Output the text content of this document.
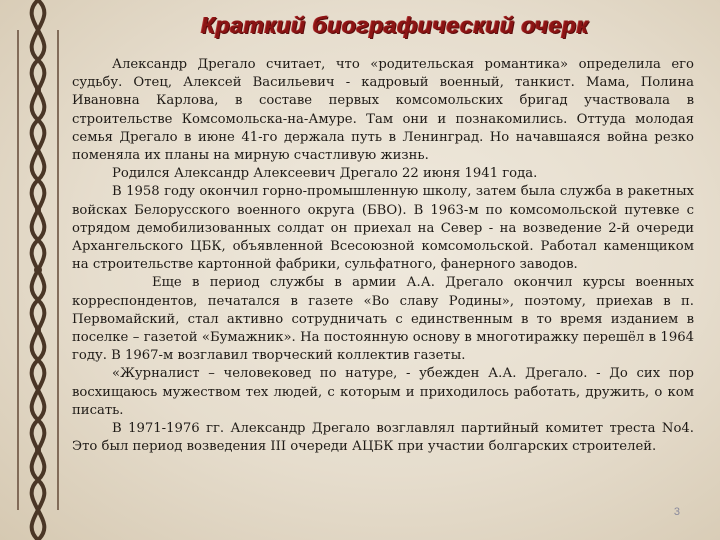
Краткий биографический очерк

Александр Дрегало считает, что «родительская романтика» определила его судьбу. Отец, Алексей Васильевич - кадровый военный, танкист. Мама, Полина Ивановна Карлова, в составе первых комсомольских бригад участвовала в строительстве Комсомольска-на-Амуре. Там они и познакомились. Оттуда молодая семья Дрегало в июне 41-го держала путь в Ленинград. Но начавшаяся война резко поменяла их планы на мирную счастливую жизнь.

Родился Александр Алексеевич Дрегало 22 июня 1941 года.

В 1958 году окончил горно-промышленную школу, затем была служба в ракетных войсках Белорусского военного округа (БВО). В 1963-м по комсомольской путевке с отрядом демобилизованных солдат он приехал на Север - на возведение 2-й очереди Архангельского ЦБК, объявленной Всесоюзной комсомольской. Работал каменщиком на строительстве картонной фабрики, сульфатного, фанерного заводов.

Еще в период службы в армии А.А. Дрегало окончил курсы военных корреспондентов, печатался в газете «Во славу Родины», поэтому, приехав в п. Первомайский, стал активно сотрудничать с единственным в то время изданием в поселке – газетой «Бумажник». На постоянную основу в многотиражку перешёл в 1964 году. В 1967-м возглавил творческий коллектив газеты.

«Журналист – человековед по натуре, - убежден А.А. Дрегало. - До сих пор восхищаюсь мужеством тех людей, с которым и приходилось работать, дружить, о ком писать.

В 1971-1976 гг. Александр Дрегало возглавлял партийный комитет треста No4. Это был период возведения III очереди АЦБК при участии болгарских строителей.

3
